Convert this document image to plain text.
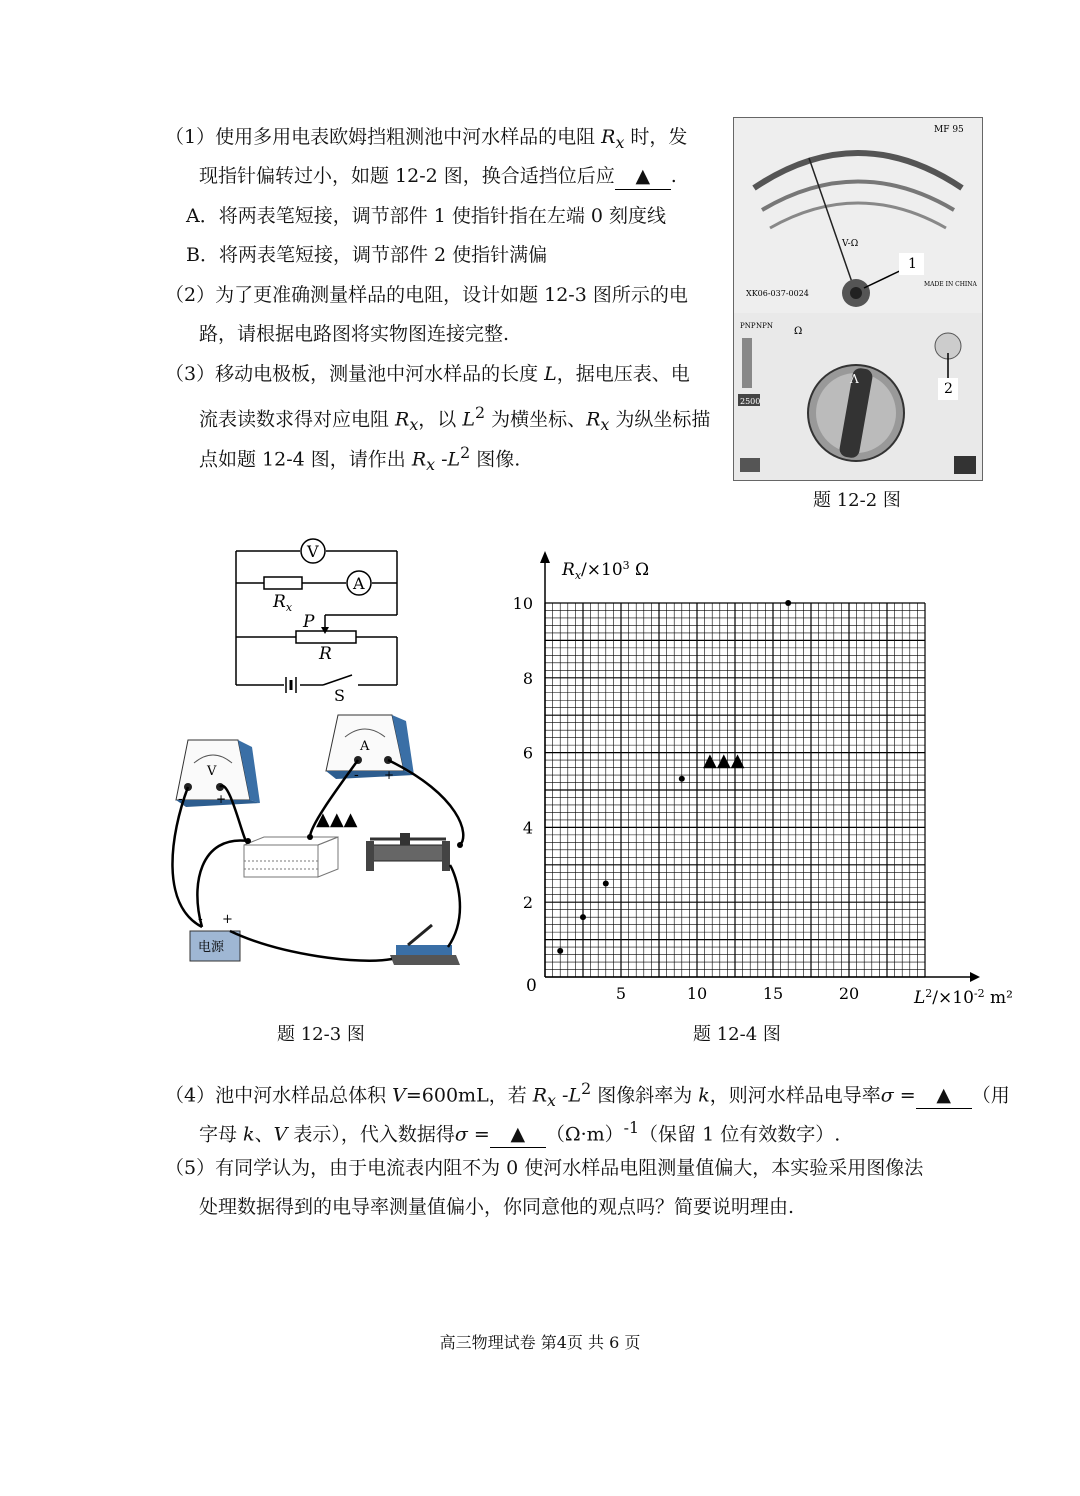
（1）使用多用电表欧姆挡粗测池中河水样品的电阻 $R_x$ 时，发
现指针偏转过小，如题 12-2 图，换合适挡位后应 ▲ .
A．将两表笔短接，调节部件 1 使指针指在左端 0 刻度线
B．将两表笔短接，调节部件 2 使指针满偏
（2）为了更准确测量样品的电阻，设计如题 12-3 图所示的电
路，请根据电路图将实物图连接完整.
（3）移动电极板，测量池中河水样品的长度 L，据电压表、电
流表读数求得对应电阻 $R_x$，以 $L^2$ 为横坐标、$R_x$ 为纵坐标描
点如题 12-4 图，请作出 $R_x$ $-L^2$ 图像.
MF 95
V-Ω
1
XK06-037-0024
MADE IN CHINA
PNP NPN
2500
Ω
Λ
2
题 12-2 图
V
A
$R_x$
P
R
S
V
-	+
A
- +
▲▲▲
电源
- +
题 12-3 图
5	10	15	20
2
4
6
8
10
$R_x/\times 10^3$ Ω
$L^2/\times 10^{-2}$ m²
0
▲▲▲
题 12-4 图
（4）池中河水样品总体积 V=600mL，若 $R_x$ $-L^2$ 图像斜率为 k，则河水样品电导率σ = ▲ （用
字母 k、V 表示），代入数据得σ = ▲ $(\Omega\cdot m)^{-1}$（保留 1 位有效数字）.
（5）有同学认为，由于电流表内阻不为 0 使河水样品电阻测量值偏大，本实验采用图像法
处理数据得到的电导率测量值偏小，你同意他的观点吗？简要说明理由.
高三物理试卷 第4页 共 6 页
